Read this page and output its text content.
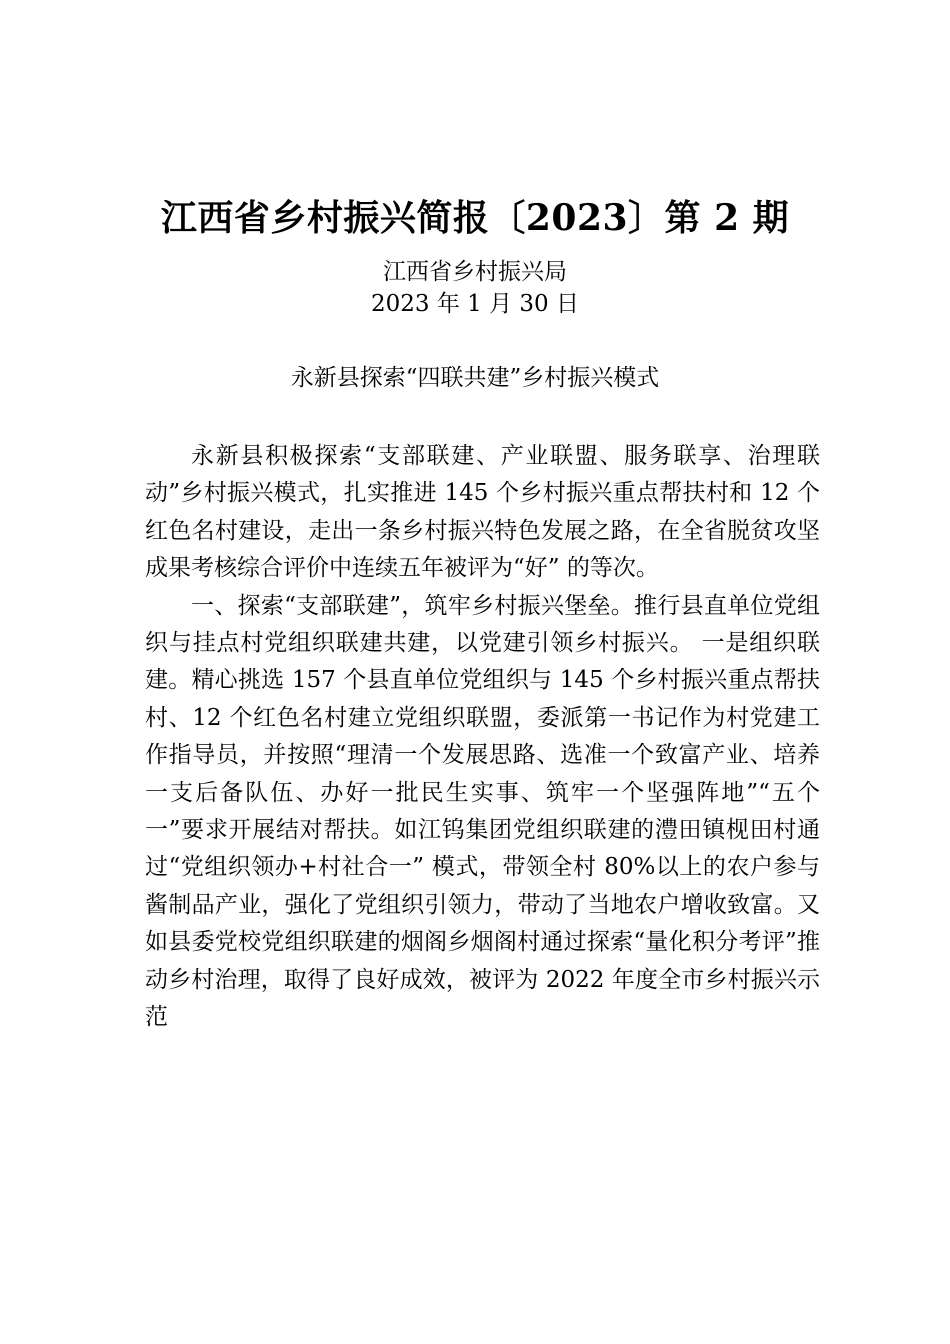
江西省乡村振兴简报〔2023〕第 2 期
江西省乡村振兴局
2023 年 1 月 30 日
永新县探索“四联共建”乡村振兴模式

永新县积极探索“支部联建、产业联盟、服务联享、治理联动”乡村振兴模式，扎实推进 145 个乡村振兴重点帮扶村和 12 个红色名村建设，走出一条乡村振兴特色发展之路，在全省脱贫攻坚成果考核综合评价中连续五年被评为“好” 的等次。

一、探索“支部联建”，筑牢乡村振兴堡垒。推行县直单位党组织与挂点村党组织联建共建，以党建引领乡村振兴。 一是组织联建。精心挑选 157 个县直单位党组织与 145 个乡村振兴重点帮扶村、12 个红色名村建立党组织联盟，委派第一书记作为村党建工作指导员，并按照“理清一个发展思路、选准一个致富产业、培养一支后备队伍、办好一批民生实事、筑牢一个坚强阵地”“五个一”要求开展结对帮扶。如江钨集团党组织联建的澧田镇枧田村通过“党组织领办+村社合一” 模式，带领全村 80%以上的农户参与酱制品产业，强化了党组织引领力，带动了当地农户增收致富。又如县委党校党组织联建的烟阁乡烟阁村通过探索“量化积分考评”推动乡村治理，取得了良好成效，被评为 2022 年度全市乡村振兴示范
